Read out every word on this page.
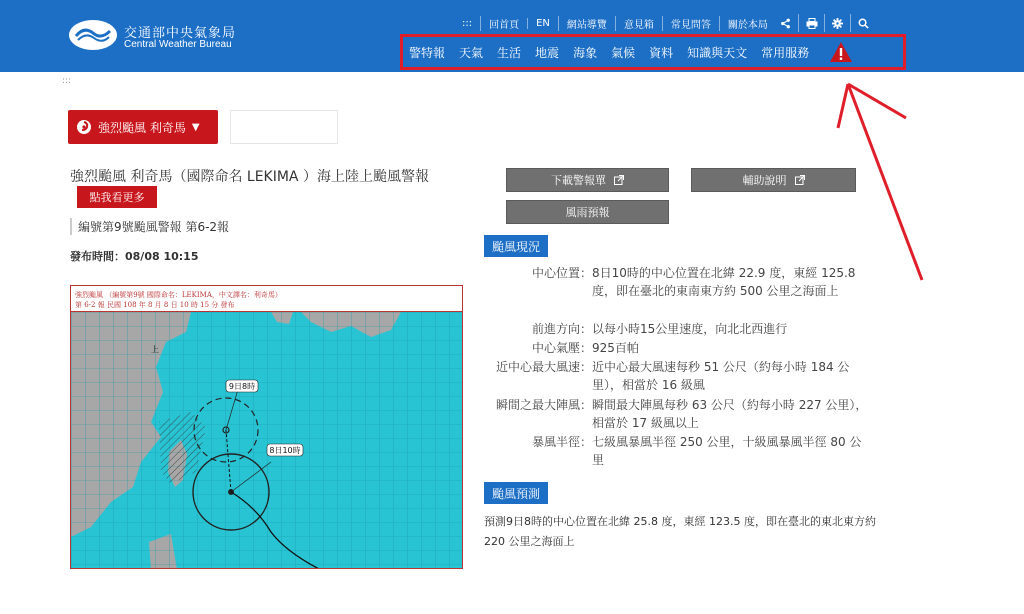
交通部中央氣象局
Central Weather Bureau
:::	回首頁	EN	網站導覽	意見箱	常見問答	關於本局
警特報 天氣 生活 地震 海象 氣候 資料 知識與天文 常用服務
:::
強烈颱風 利奇馬 ▼
強烈颱風 利奇馬（國際命名 LEKIMA ）海上陸上颱風警報
點我看更多
編號第9號颱風警報 第6-2報
發布時間：08/08 10:15
強烈颱風 （編號第9號 國際命名：LEKIMA，中文譯名：利奇馬）
第 6-2 報 民國 108 年 8 月 8 日 10 時 15 分 發布
9日8時
8日10時
上
下載警報單	輔助說明
風雨預報
颱風現況
中心位置： 8日10時的中心位置在北緯 22.9 度，東經 125.8 度，即在臺北的東南東方約 500 公里之海面上
前進方向： 以每小時15公里速度，向北北西進行
中心氣壓： 925百帕
近中心最大風速： 近中心最大風速每秒 51 公尺（約每小時 184 公里），相當於 16 級風
瞬間之最大陣風： 瞬間最大陣風每秒 63 公尺（約每小時 227 公里），相當於 17 級風以上
暴風半徑： 七級風暴風半徑 250 公里，十級風暴風半徑 80 公里
颱風預測
預測9日8時的中心位置在北緯 25.8 度，東經 123.5 度，即在臺北的東北東方約 220 公里之海面上
